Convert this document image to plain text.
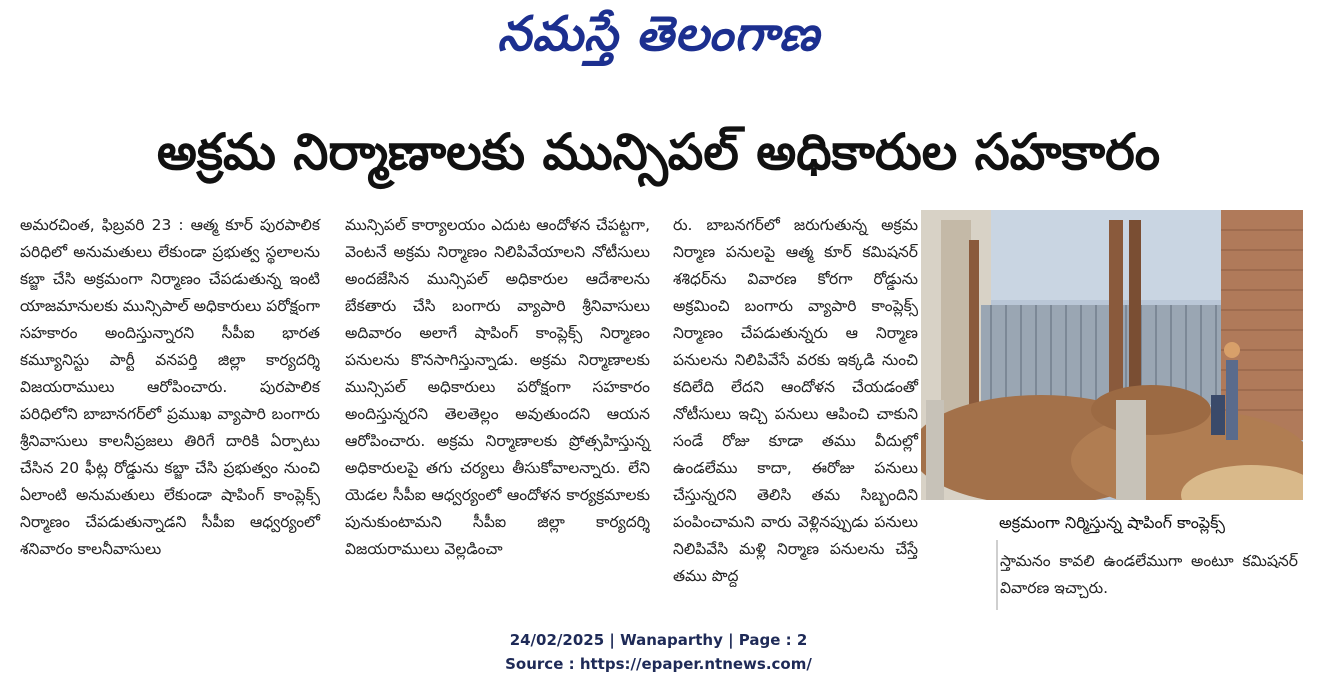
నమస్తే తెలంగాణ
అక్రమ నిర్మాణాలకు మున్సిపల్ అధికారుల సహకారం

అమరచింత, ఫిబ్రవరి 23 : ఆత్మ కూర్ పురపాలిక పరిధిలో అనుమతులు లేకుండా ప్రభుత్వ స్థలాలను కబ్జా చేసి అక్రమంగా నిర్మాణం చేపడుతున్న ఇంటి యాజమానులకు మున్సిపాల్ అధికారులు పరోక్షంగా సహకారం అందిస్తున్నారని సీపీఐ భారత కమ్యూనిస్టు పార్టీ వనపర్తి జిల్లా కార్యదర్శి విజయరాములు ఆరోపించారు. పురపాలిక పరిధిలోని బాబానగర్‌లో ప్రముఖ వ్యాపారి బంగారు శ్రీనివాసులు కాలనీప్రజలు తిరిగే దారికి ఏర్పాటు చేసిన 20 ఫీట్ల రోడ్డును కబ్జా చేసి ప్రభుత్వం నుంచి ఏలాంటి అనుమతులు లేకుండా షాపింగ్ కాంప్లెక్స్ నిర్మాణం చేపడుతున్నాడని సీపీఐ ఆధ్వర్యంలో శనివారం కాలనీవాసులు

మున్సిపల్ కార్యాలయం ఎదుట ఆందోళన చేపట్టగా, వెంటనే అక్రమ నిర్మాణం నిలిపివేయాలని నోటీసులు అందజేసిన మున్సిపల్ అధికారుల ఆదేశాలను బేకతారు చేసి బంగారు వ్యాపారి శ్రీనివాసులు అదివారం అలాగే షాపింగ్ కాంప్లెక్స్ నిర్మాణం పనులను కొనసాగిస్తున్నాడు. అక్రమ నిర్మాణాలకు మున్సిపల్ అధికారులు పరోక్షంగా సహకారం అందిస్తున్నరని తెలతెల్లం అవుతుందని ఆయన ఆరోపించారు. అక్రమ నిర్మాణాలకు ప్రోత్సహిస్తున్న అధికారులపై తగు చర్యలు తీసుకోవాలన్నారు. లేని యెడల సీపీఐ ఆధ్వర్యంలో ఆందోళన కార్యక్రమాలకు పునుకుంటామని సీపీఐ జిల్లా కార్యదర్శి విజయరాములు వెల్లడించా

రు. బాబనగర్‌లో జరుగుతున్న అక్రమ నిర్మాణ పనులపై ఆత్మ కూర్ కమిషనర్ శశిధర్‌ను వివారణ కోరగా రోడ్డును అక్రమించి బంగారు వ్యాపారి కాంప్లెక్స్ నిర్మాణం చేపడుతున్నరు ఆ నిర్మాణ పనులను నిలిపివేసే వరకు ఇక్కడి నుంచి కదిలేది లేదని ఆందోళన చేయడంతో నోటీసులు ఇచ్చి పనులు ఆపించి చాకుని సండే రోజు కూడా తము వీదుల్లో ఉండలేము కాదా, ఈరోజు పనులు చేస్తున్నరని తెలిసి తమ సిబ్బందిని పంపించామని వారు వెళ్లినప్పుడు పనులు నిలిపివేసి మళ్లి నిర్మాణ పనులను చేస్తే తము పొద్ద

అక్రమంగా నిర్మిస్తున్న షాపింగ్ కాంప్లెక్స్

స్తామనం కావలి ఉండలేముగా అంటూ కమిషనర్ వివారణ ఇచ్చారు.

24/02/2025 | Wanaparthy | Page : 2
Source : https://epaper.ntnews.com/
